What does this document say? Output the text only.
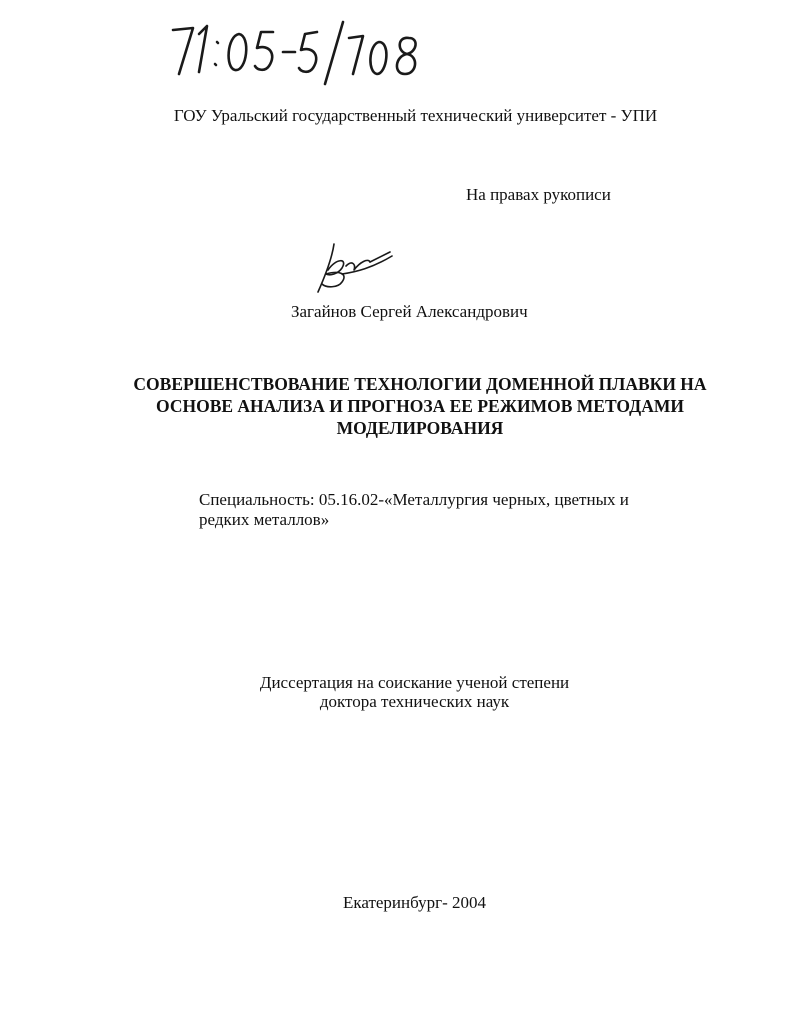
ГОУ Уральский государственный технический университет - УПИ
На правах рукописи
Загайнов Сергей Александрович
СОВЕРШЕНСТВОВАНИЕ ТЕХНОЛОГИИ ДОМЕННОЙ ПЛАВКИ НА
ОСНОВЕ АНАЛИЗА И ПРОГНОЗА ЕЕ РЕЖИМОВ МЕТОДАМИ
МОДЕЛИРОВАНИЯ
Специальность: 05.16.02-«Металлургия черных, цветных и
редких металлов»
Диссертация на соискание ученой степени
доктора технических наук
Екатеринбург- 2004
